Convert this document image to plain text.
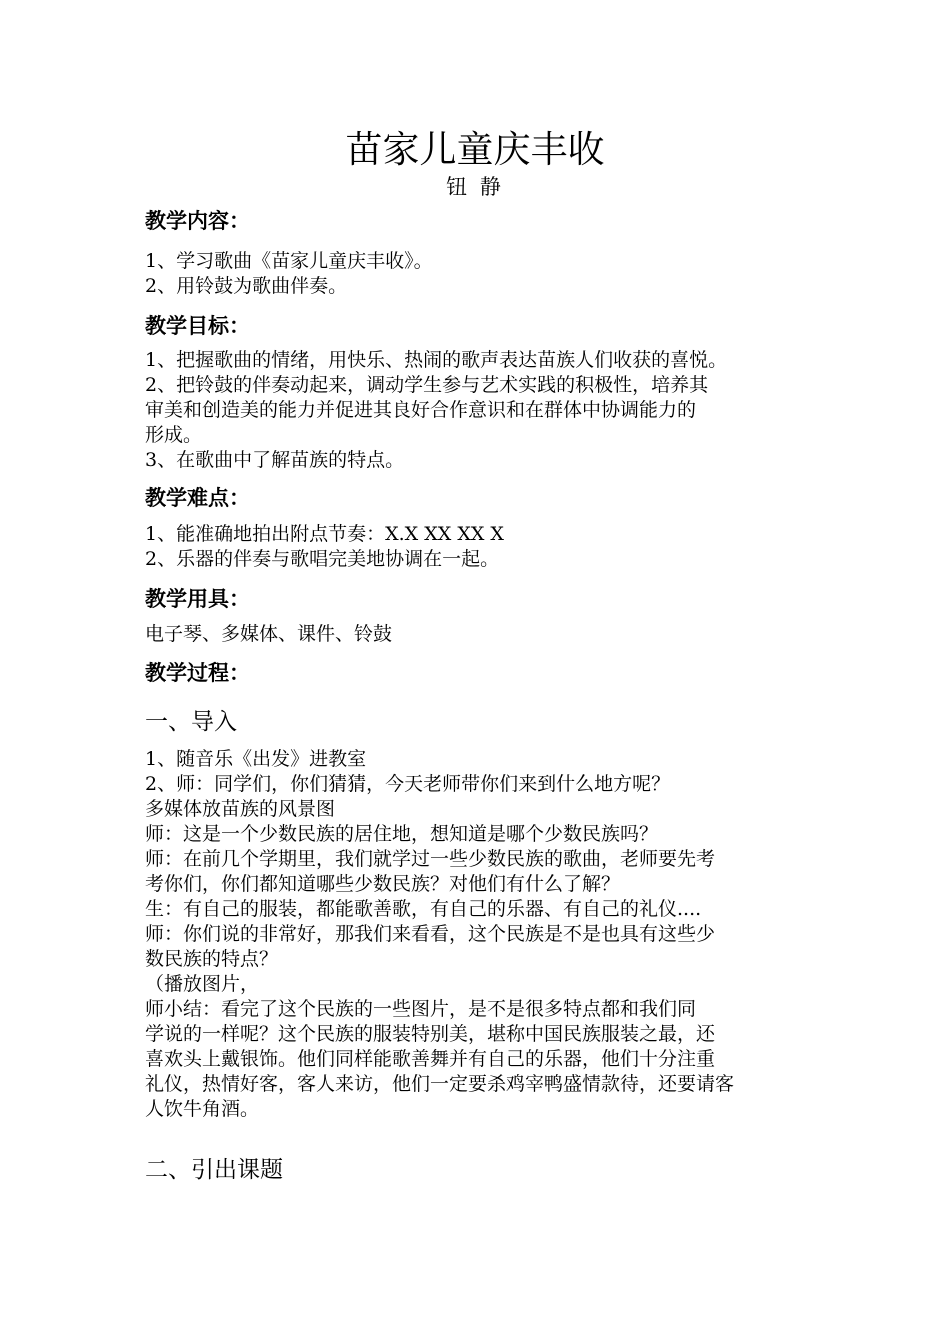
苗家儿童庆丰收
钮 静
教学内容：
1、学习歌曲《苗家儿童庆丰收》。
2、用铃鼓为歌曲伴奏。
教学目标：
1、把握歌曲的情绪，用快乐、热闹的歌声表达苗族人们收获的喜悦。
2、把铃鼓的伴奏动起来，调动学生参与艺术实践的积极性，培养其
审美和创造美的能力并促进其良好合作意识和在群体中协调能力的
形成。
3、在歌曲中了解苗族的特点。
教学难点：
1、能准确地拍出附点节奏：X.X XX XX X
2、乐器的伴奏与歌唱完美地协调在一起。
教学用具：
电子琴、多媒体、课件、铃鼓
教学过程：
一、导入
1、随音乐《出发》进教室
2、师：同学们，你们猜猜，今天老师带你们来到什么地方呢？
多媒体放苗族的风景图
师：这是一个少数民族的居住地，想知道是哪个少数民族吗？
师：在前几个学期里，我们就学过一些少数民族的歌曲，老师要先考
考你们，你们都知道哪些少数民族？对他们有什么了解？
生：有自己的服装，都能歌善歌，有自己的乐器、有自己的礼仪....
师：你们说的非常好，那我们来看看，这个民族是不是也具有这些少
数民族的特点？
（播放图片，
师小结：看完了这个民族的一些图片，是不是很多特点都和我们同
学说的一样呢？这个民族的服装特别美，堪称中国民族服装之最，还
喜欢头上戴银饰。他们同样能歌善舞并有自己的乐器，他们十分注重
礼仪，热情好客，客人来访，他们一定要杀鸡宰鸭盛情款待，还要请客
人饮牛角酒。
二、引出课题
